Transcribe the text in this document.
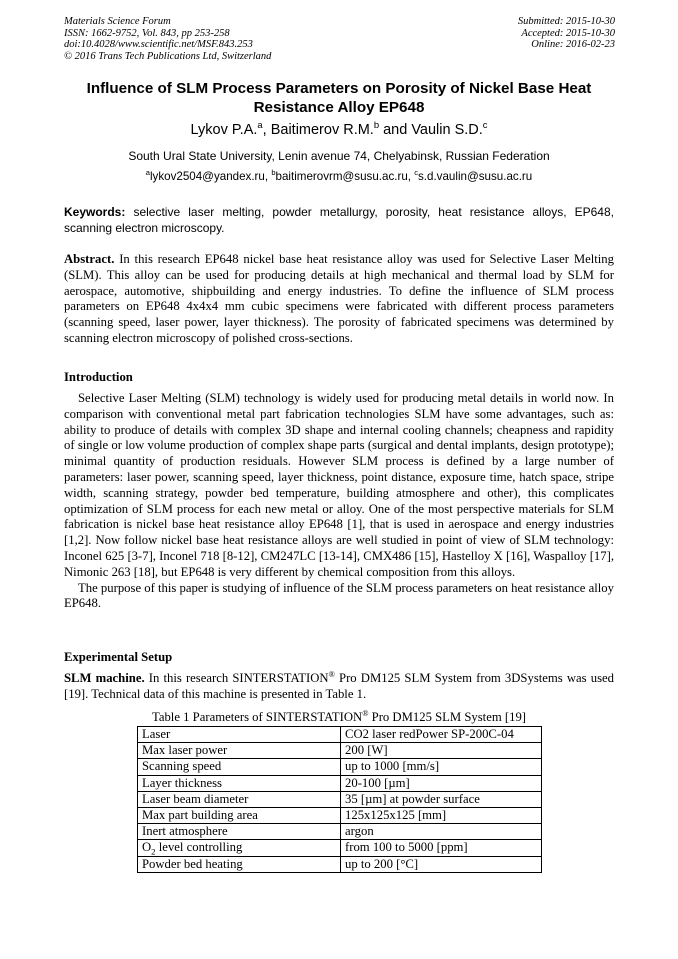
Materials Science Forum
ISSN: 1662-9752, Vol. 843, pp 253-258
doi:10.4028/www.scientific.net/MSF.843.253
© 2016 Trans Tech Publications Ltd, Switzerland
Submitted: 2015-10-30
Accepted: 2015-10-30
Online: 2016-02-23
Influence of SLM Process Parameters on Porosity of Nickel Base Heat Resistance Alloy EP648
Lykov P.A.$^a$, Baitimerov R.M.$^b$ and Vaulin S.D.$^c$
South Ural State University, Lenin avenue 74, Chelyabinsk, Russian Federation
$^a$lykov2504@yandex.ru, $^b$baitimerovrm@susu.ac.ru, $^c$s.d.vaulin@susu.ac.ru
Keywords: selective laser melting, powder metallurgy, porosity, heat resistance alloys, EP648, scanning electron microscopy.
Abstract. In this research EP648 nickel base heat resistance alloy was used for Selective Laser Melting (SLM). This alloy can be used for producing details at high mechanical and thermal load by SLM for aerospace, automotive, shipbuilding and energy industries. To define the influence of SLM process parameters on EP648 4x4x4 mm cubic specimens were fabricated with different process parameters (scanning speed, laser power, layer thickness). The porosity of fabricated specimens was determined by scanning electron microscopy of polished cross-sections.
Introduction

Selective Laser Melting (SLM) technology is widely used for producing metal details in world now. In comparison with conventional metal part fabrication technologies SLM have some advantages, such as: ability to produce of details with complex 3D shape and internal cooling channels; cheapness and rapidity of single or low volume production of complex shape parts (surgical and dental implants, design prototype); minimal quantity of production residuals. However SLM process is defined by a large number of parameters: laser power, scanning speed, layer thickness, point distance, exposure time, hatch space, stripe width, scanning strategy, powder bed temperature, building atmosphere and other), this complicates optimization of SLM process for each new metal or alloy. One of the most perspective materials for SLM fabrication is nickel base heat resistance alloy EP648 [1], that is used in aerospace and energy industries [1,2]. Now follow nickel base heat resistance alloys are well studied in point of view of SLM technology: Inconel 625 [3-7], Inconel 718 [8-12], CM247LC [13-14], CMX486 [15], Hastelloy X [16], Waspalloy [17], Nimonic 263 [18], but EP648 is very different by chemical composition from this alloys.

The purpose of this paper is studying of influence of the SLM process parameters on heat resistance alloy EP648.

Experimental Setup
SLM machine. In this research SINTERSTATION® Pro DM125 SLM System from 3DSystems was used [19]. Technical data of this machine is presented in Table 1.
Table 1 Parameters of SINTERSTATION® Pro DM125 SLM System [19]
Laser	CO2 laser redPower SP-200C-04
Max laser power	200 [W]
Scanning speed	up to 1000 [mm/s]
Layer thickness	20-100 [µm]
Laser beam diameter	35 [µm] at powder surface
Max part building area	125x125x125 [mm]
Inert atmosphere	argon
$O_2$ level controlling	from 100 to 5000 [ppm]
Powder bed heating	up to 200 [°C]
